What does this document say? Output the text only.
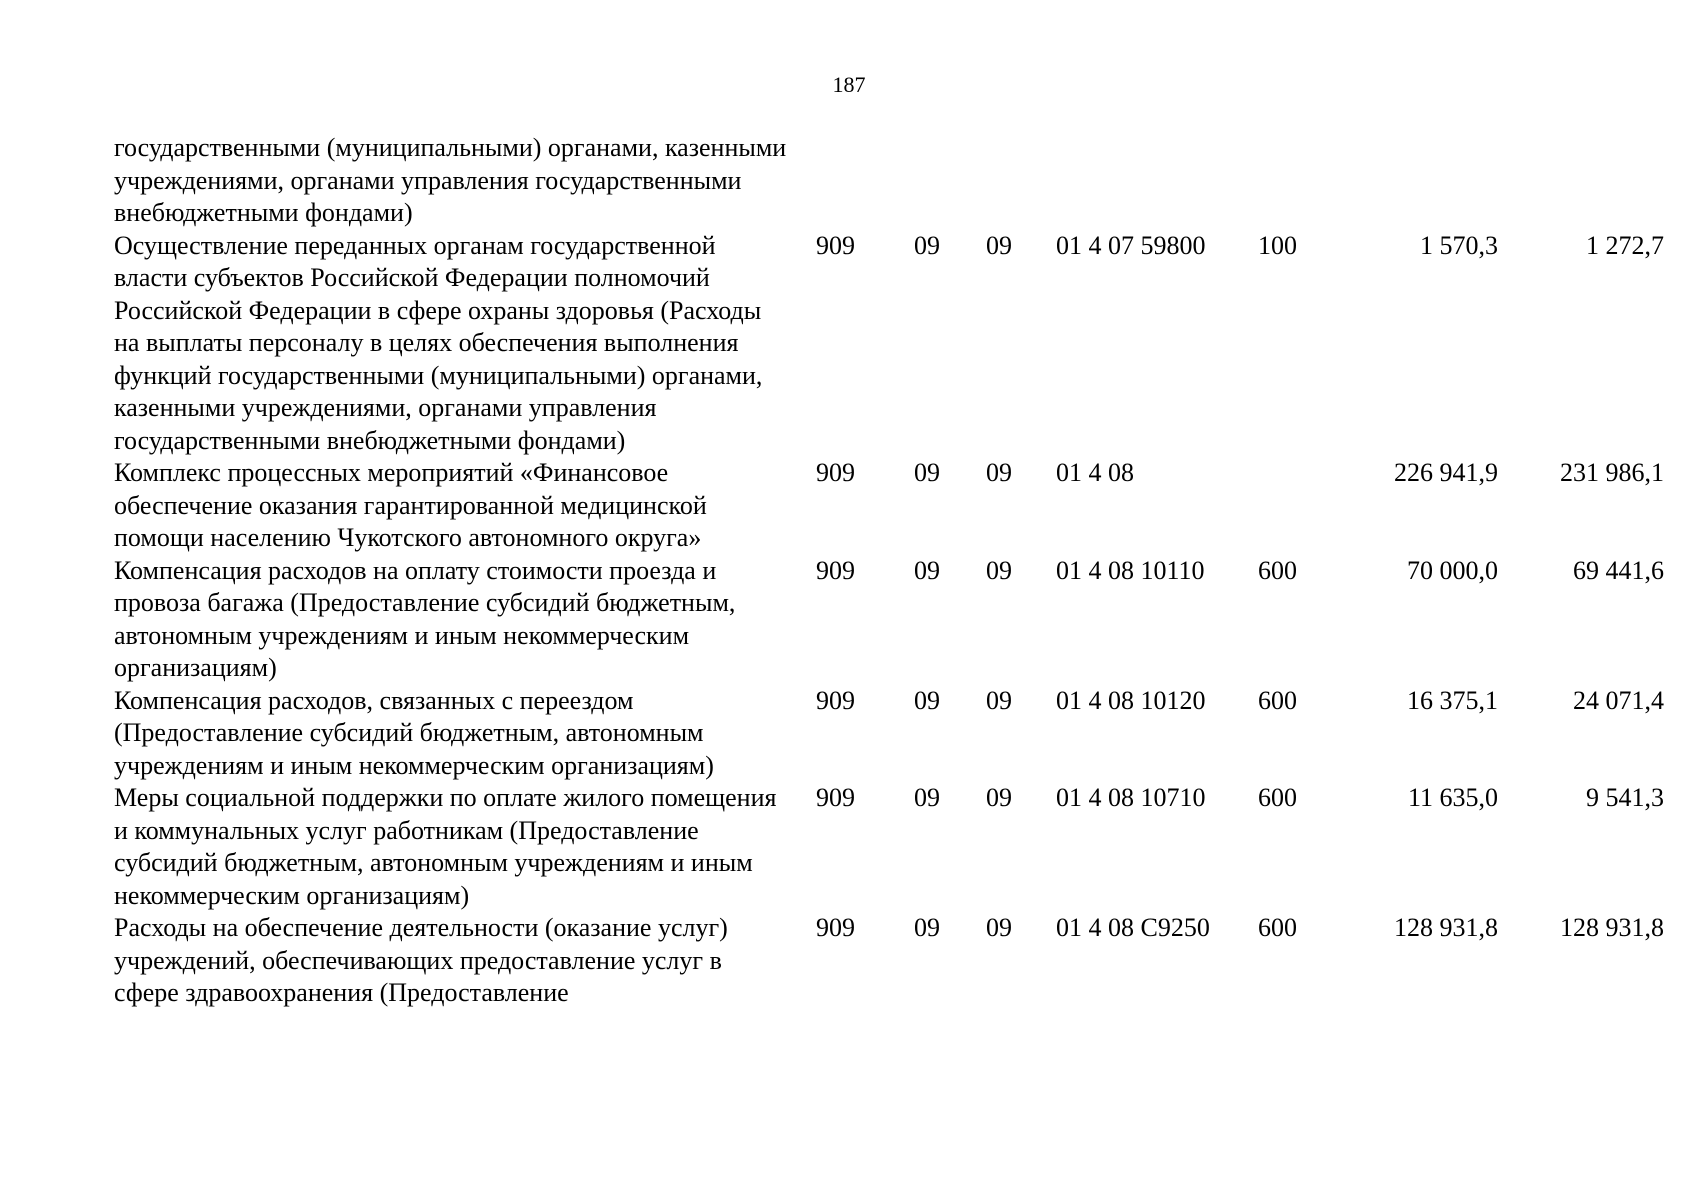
187
государственными (муниципальными) органами, казенными учреждениями, органами управления государственными внебюджетными фондами)							
Осуществление переданных органам государственной власти субъектов Российской Федерации полномочий Российской Федерации в сфере охраны здоровья (Расходы на выплаты персоналу в целях обеспечения выполнения функций государственными (муниципальными) органами, казенными учреждениями, органами управления государственными внебюджетными фондами)	909	09	09	01 4 07 59800	100	1 570,3	1 272,7
Комплекс процессных мероприятий «Финансовое обеспечение оказания гарантированной медицинской помощи населению Чукотского автономного округа»	909	09	09	01 4 08		226 941,9	231 986,1
Компенсация расходов на оплату стоимости проезда и провоза багажа (Предоставление субсидий бюджетным, автономным учреждениям и иным некоммерческим организациям)	909	09	09	01 4 08 10110	600	70 000,0	69 441,6
Компенсация расходов, связанных с переездом (Предоставление субсидий бюджетным, автономным учреждениям и иным некоммерческим организациям)	909	09	09	01 4 08 10120	600	16 375,1	24 071,4
Меры социальной поддержки по оплате жилого помещения и коммунальных услуг работникам (Предоставление субсидий бюджетным, автономным учреждениям и иным некоммерческим организациям)	909	09	09	01 4 08 10710	600	11 635,0	9 541,3
Расходы на обеспечение деятельности (оказание услуг) учреждений, обеспечивающих предоставление услуг в сфере здравоохранения (Предоставление	909	09	09	01 4 08 С9250	600	128 931,8	128 931,8
